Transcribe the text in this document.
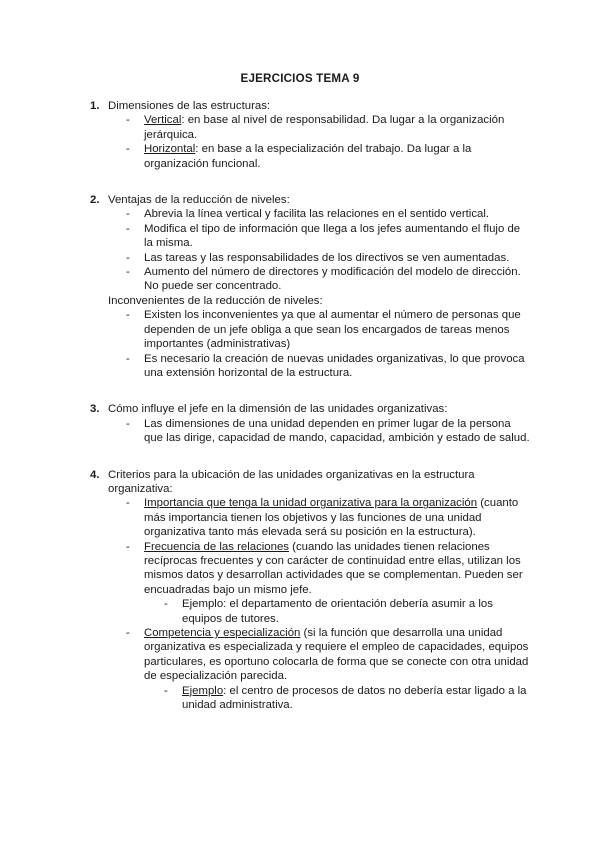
EJERCICIOS TEMA 9
1. Dimensiones de las estructuras:
- Vertical: en base al nivel de responsabilidad. Da lugar a la organización jerárquica.
- Horizontal: en base a la especialización del trabajo. Da lugar a la organización funcional.
2. Ventajas de la reducción de niveles:
- Abrevia la línea vertical y facilita las relaciones en el sentido vertical.
- Modifica el tipo de información que llega a los jefes aumentando el flujo de la misma.
- Las tareas y las responsabilidades de los directivos se ven aumentadas.
- Aumento del número de directores y modificación del modelo de dirección. No puede ser concentrado.
Inconvenientes de la reducción de niveles:
- Existen los inconvenientes ya que al aumentar el número de personas que dependen de un jefe obliga a que sean los encargados de tareas menos importantes (administrativas)
- Es necesario la creación de nuevas unidades organizativas, lo que provoca una extensión horizontal de la estructura.
3. Cómo influye el jefe en la dimensión de las unidades organizativas:
- Las dimensiones de una unidad dependen en primer lugar de la persona que las dirige, capacidad de mando, capacidad, ambición y estado de salud.
4. Criterios para la ubicación de las unidades organizativas en la estructura organizativa:
- Importancia que tenga la unidad organizativa para la organización (cuanto más importancia tienen los objetivos y las funciones de una unidad organizativa tanto más elevada será su posición en la estructura).
- Frecuencia de las relaciones (cuando las unidades tienen relaciones recíprocas frecuentes y con carácter de continuidad entre ellas, utilizan los mismos datos y desarrollan actividades que se complementan. Pueden ser encuadradas bajo un mismo jefe.
- Ejemplo: el departamento de orientación debería asumir a los equipos de tutores.
- Competencia y especialización (si la función que desarrolla una unidad organizativa es especializada y requiere el empleo de capacidades, equipos particulares, es oportuno colocarla de forma que se conecte con otra unidad de especialización parecida.
- Ejemplo: el centro de procesos de datos no debería estar ligado a la unidad administrativa.
